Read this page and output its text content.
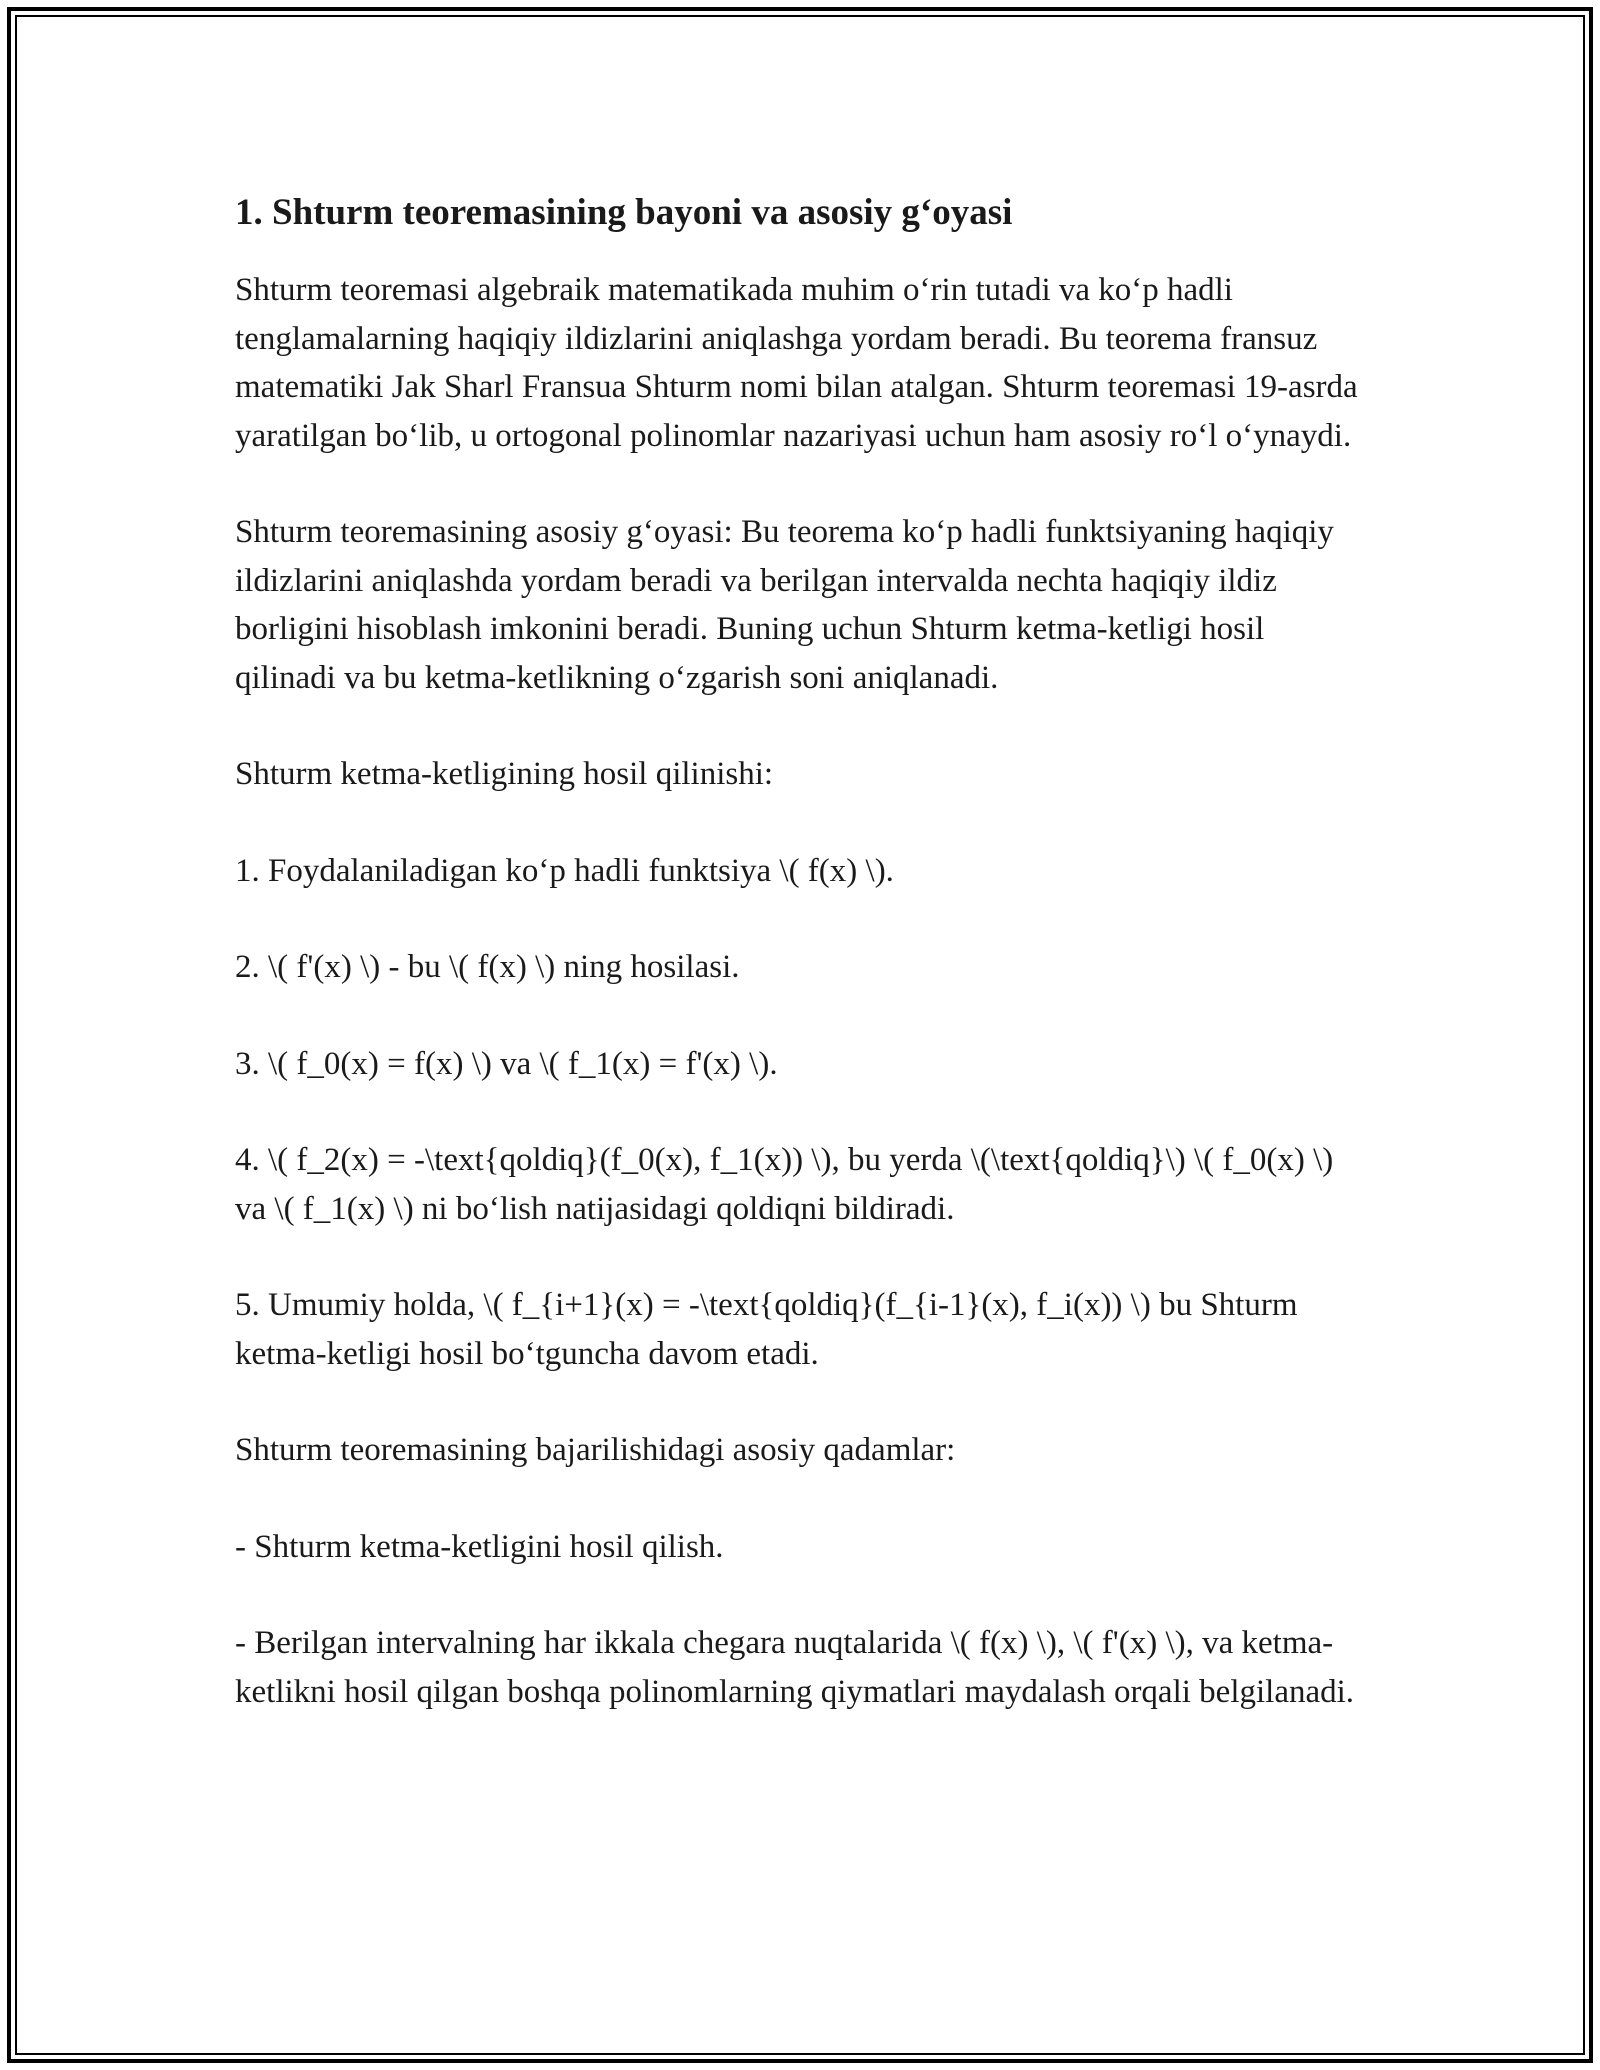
1. Shturm teoremasining bayoni va asosiy g‘oyasi

Shturm teoremasi algebraik matematikada muhim o‘rin tutadi va ko‘p hadli tenglamalarning haqiqiy ildizlarini aniqlashga yordam beradi. Bu teorema fransuz matematiki Jak Sharl Fransua Shturm nomi bilan atalgan. Shturm teoremasi 19-asrda yaratilgan bo‘lib, u ortogonal polinomlar nazariyasi uchun ham asosiy ro‘l o‘ynaydi.

Shturm teoremasining asosiy g‘oyasi: Bu teorema ko‘p hadli funktsiyaning haqiqiy ildizlarini aniqlashda yordam beradi va berilgan intervalda nechta haqiqiy ildiz borligini hisoblash imkonini beradi. Buning uchun Shturm ketma-ketligi hosil qilinadi va bu ketma-ketlikning o‘zgarish soni aniqlanadi.

Shturm ketma-ketligining hosil qilinishi:

1. Foydalaniladigan ko‘p hadli funktsiya \( f(x) \).

2. \( f'(x) \) - bu \( f(x) \) ning hosilasi.

3. \( f_0(x) = f(x) \) va \( f_1(x) = f'(x) \).

4. \( f_2(x) = -\text{qoldiq}(f_0(x), f_1(x)) \), bu yerda \(\text{qoldiq}\) \( f_0(x) \) va \( f_1(x) \) ni bo‘lish natijasidagi qoldiqni bildiradi.

5. Umumiy holda, \( f_{i+1}(x) = -\text{qoldiq}(f_{i-1}(x), f_i(x)) \) bu Shturm ketma-ketligi hosil bo‘tguncha davom etadi.

Shturm teoremasining bajarilishidagi asosiy qadamlar:

- Shturm ketma-ketligini hosil qilish.

- Berilgan intervalning har ikkala chegara nuqtalarida \( f(x) \), \( f'(x) \), va ketma-ketlikni hosil qilgan boshqa polinomlarning qiymatlari maydalash orqali belgilanadi.
